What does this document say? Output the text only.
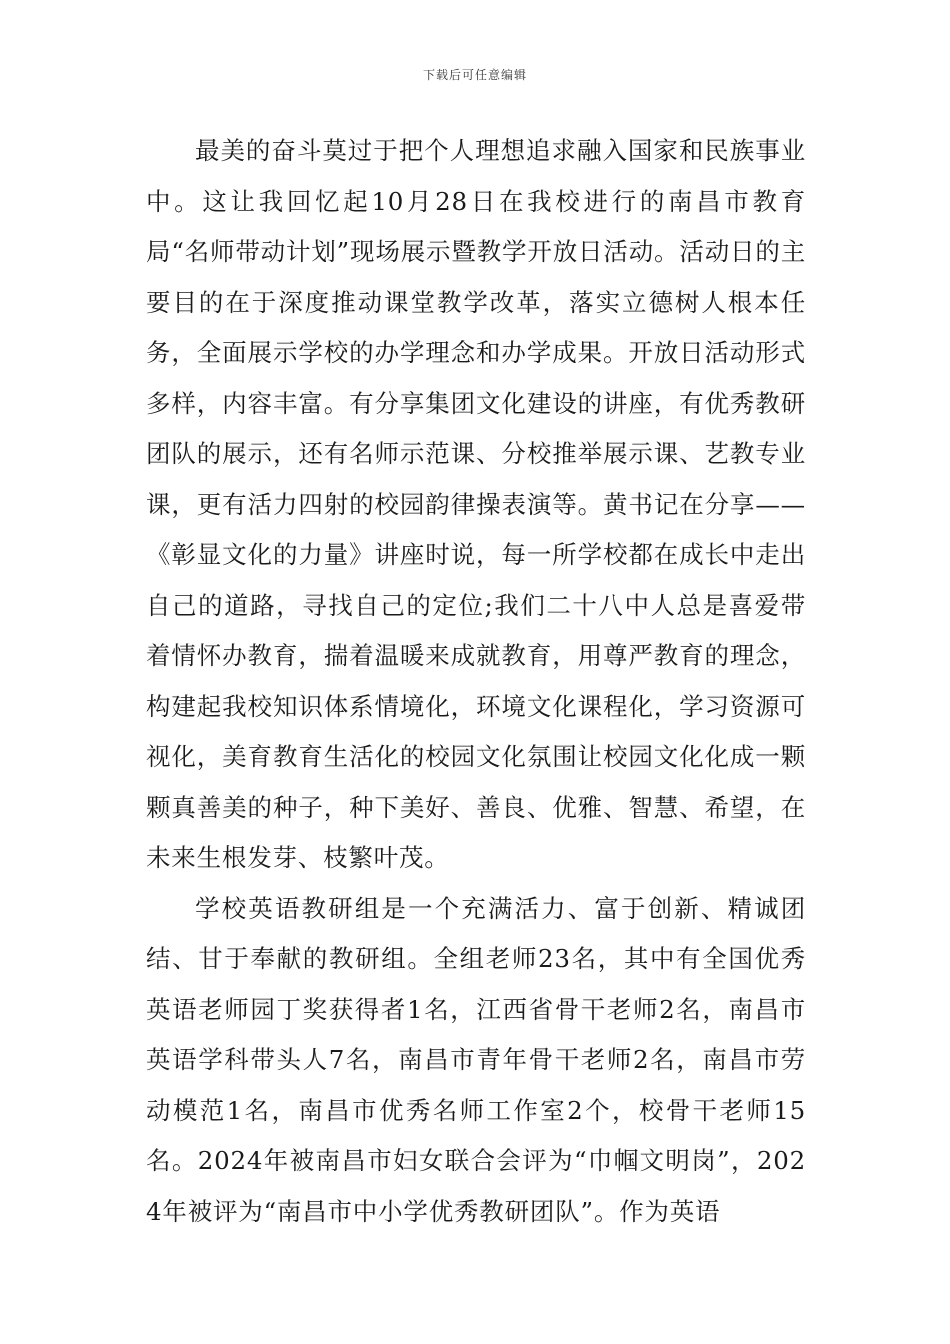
下载后可任意编辑

最美的奋斗莫过于把个人理想追求融入国家和民族事业中。这让我回忆起10月28日在我校进行的南昌市教育局“名师带动计划”现场展示暨教学开放日活动。活动日的主要目的在于深度推动课堂教学改革，落实立德树人根本任务，全面展示学校的办学理念和办学成果。开放日活动形式多样，内容丰富。有分享集团文化建设的讲座，有优秀教研团队的展示，还有名师示范课、分校推举展示课、艺教专业课，更有活力四射的校园韵律操表演等。黄书记在分享——《彰显文化的力量》讲座时说，每一所学校都在成长中走出自己的道路，寻找自己的定位;我们二十八中人总是喜爱带着情怀办教育，揣着温暖来成就教育，用尊严教育的理念，构建起我校知识体系情境化，环境文化课程化，学习资源可视化，美育教育生活化的校园文化氛围让校园文化化成一颗颗真善美的种子，种下美好、善良、优雅、智慧、希望，在未来生根发芽、枝繁叶茂。

学校英语教研组是一个充满活力、富于创新、精诚团结、甘于奉献的教研组。全组老师23名，其中有全国优秀英语老师园丁奖获得者1名，江西省骨干老师2名，南昌市英语学科带头人7名，南昌市青年骨干老师2名，南昌市劳动模范1名，南昌市优秀名师工作室2个，校骨干老师15名。2024年被南昌市妇女联合会评为“巾帼文明岗”，2024年被评为“南昌市中小学优秀教研团队”。作为英语
